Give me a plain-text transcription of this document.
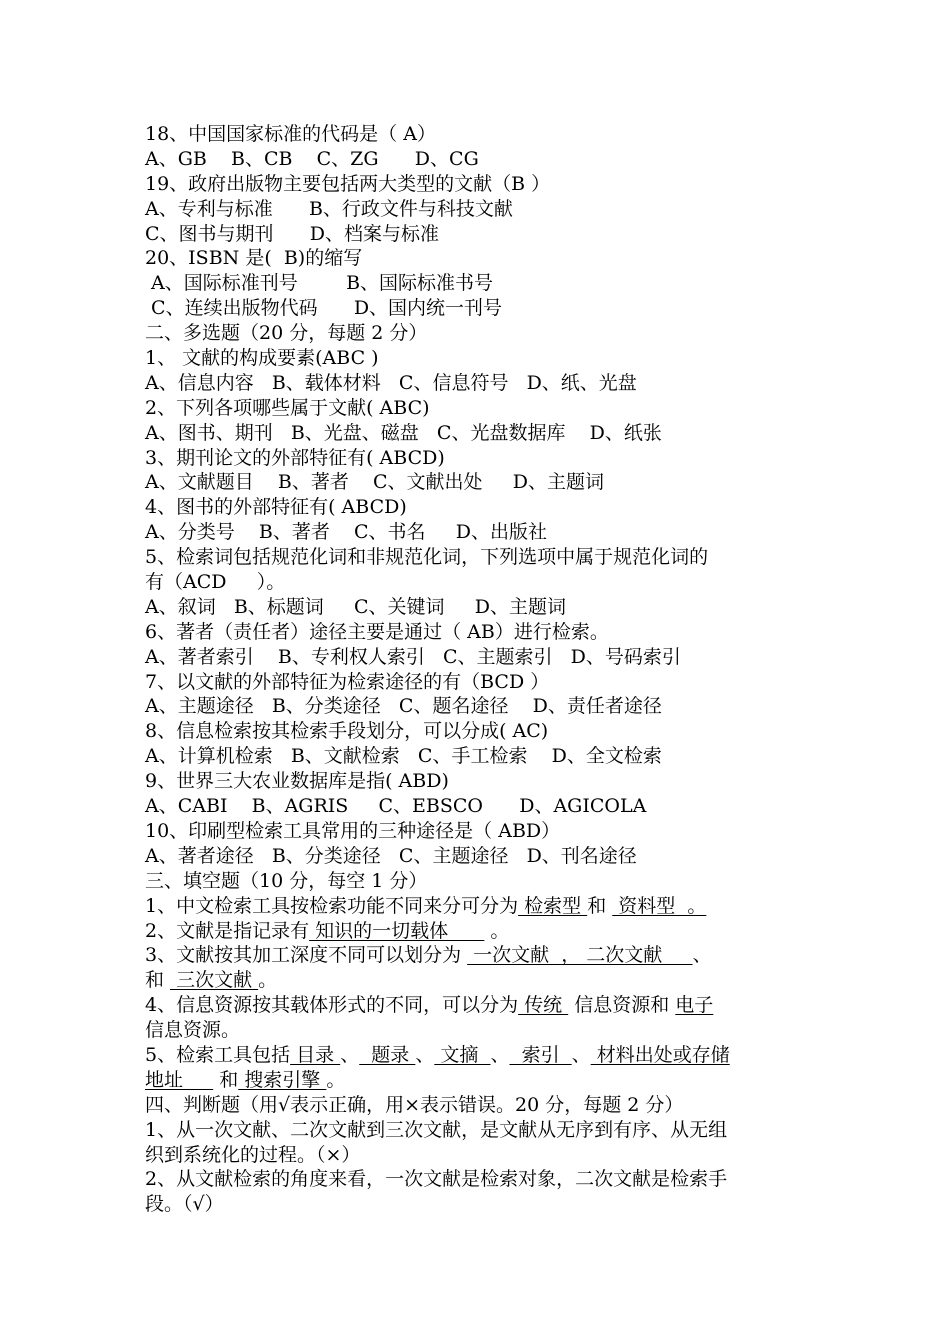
18、中国国家标准的代码是（ A）
A、GB    B、CB    C、ZG      D、CG
19、政府出版物主要包括两大类型的文献（B ）
A、专利与标准      B、行政文件与科技文献
C、图书与期刊      D、档案与标准
20、ISBN 是(  B)的缩写
A、国际标准刊号        B、国际标准书号
C、连续出版物代码      D、国内统一刊号
二、多选题（20 分，每题 2 分）
1、 文献的构成要素(ABC )
A、信息内容   B、载体材料   C、信息符号   D、纸、光盘
2、下列各项哪些属于文献( ABC)
A、图书、期刊   B、光盘、磁盘   C、光盘数据库    D、纸张
3、期刊论文的外部特征有( ABCD)
A、文献题目    B、著者    C、文献出处     D、主题词
4、图书的外部特征有( ABCD)
A、分类号    B、著者    C、书名     D、出版社
5、检索词包括规范化词和非规范化词，下列选项中属于规范化词的
有（ACD     ）。
A、叙词   B、标题词     C、关键词     D、主题词
6、著者（责任者）途径主要是通过（ AB）进行检索。
A、著者索引    B、专利权人索引   C、主题索引   D、号码索引
7、以文献的外部特征为检索途径的有（BCD ）
A、主题途径   B、分类途径   C、题名途径    D、责任者途径
8、信息检索按其检索手段划分，可以分成( AC)
A、计算机检索   B、文献检索   C、手工检索    D、全文检索
9、世界三大农业数据库是指( ABD)
A、CABI    B、AGRIS     C、EBSCO      D、AGICOLA
10、印刷型检索工具常用的三种途径是（ ABD）
A、著者途径   B、分类途径   C、主题途径   D、刊名途径
三、填空题（10 分，每空 1 分）
1、中文检索工具按检索功能不同来分可分为 检索型 和  资料型  。
2、文献是指记录有 知识的一切载体       。
3、文献按其加工深度不同可以划分为  一次文献  ， 二次文献     、
和  三次文献 。
4、信息资源按其载体形式的不同，可以分为 传统  信息资源和 电子
信息资源。
5、检索工具包括 目录 、  题录 、 文摘  、  索引  、 材料出处或存储
地址      和 搜索引擎 。
四、判断题（用√表示正确，用×表示错误。20 分，每题 2 分）
1、从一次文献、二次文献到三次文献，是文献从无序到有序、从无组
织到系统化的过程。（×）
2、从文献检索的角度来看，一次文献是检索对象，二次文献是检索手
段。（√）
